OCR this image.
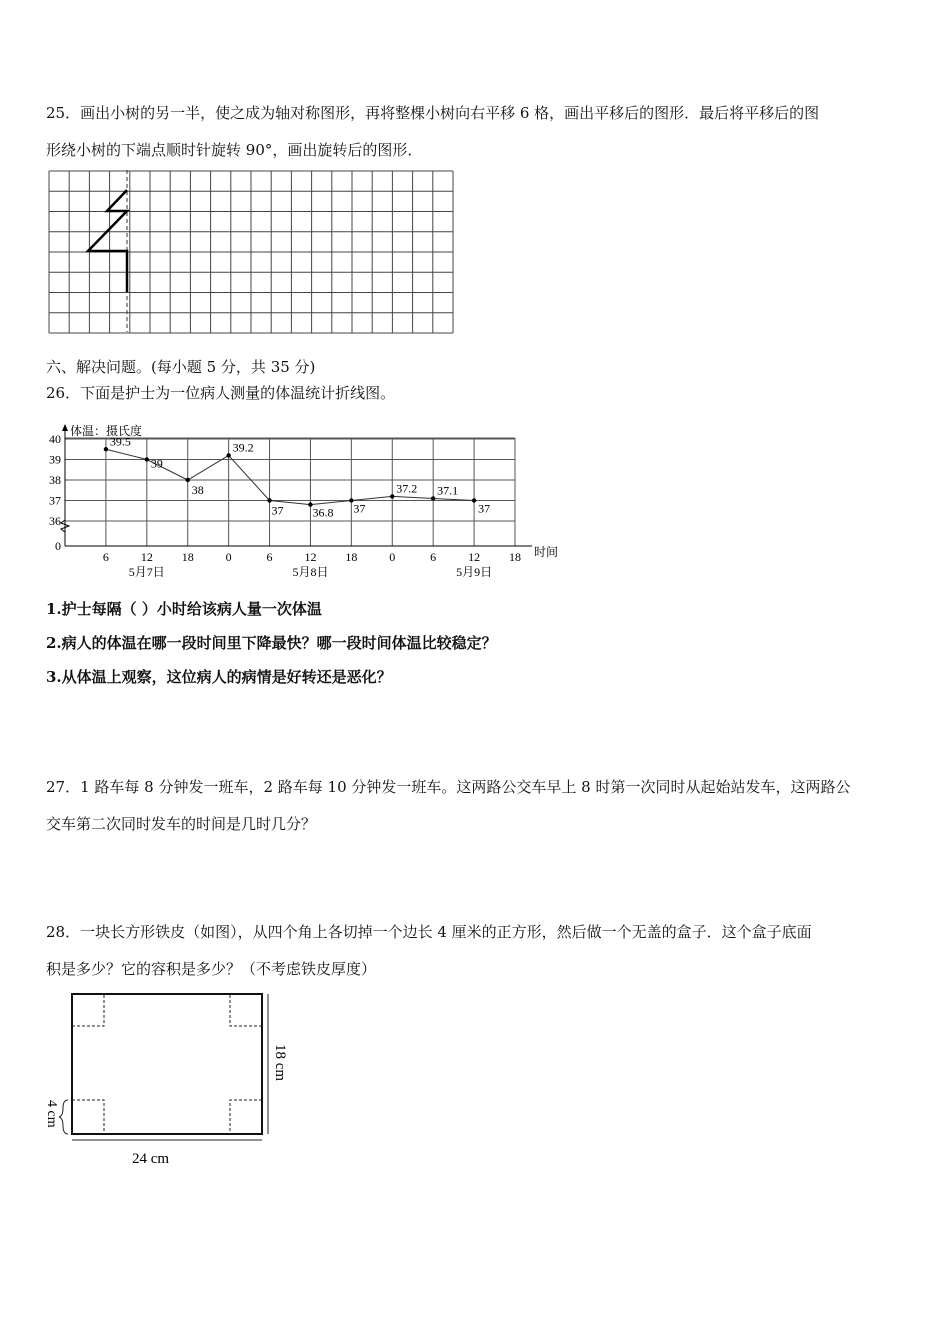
25．画出小树的另一半，使之成为轴对称图形，再将整棵小树向右平移 6 格，画出平移后的图形．最后将平移后的图
形绕小树的下端点顺时针旋转 90°，画出旋转后的图形．
六、解决问题。(每小题 5 分，共 35 分)
26．下面是护士为一位病人测量的体温统计折线图。
体温：摄氏度
40
39
38
37
36
0
6	12 18	0	6	12 18	0	6	12 18
5月7日	5月8日	5月9日
时间
39.5
39
38
39.2
37 36.8 37
37.2 37.1
37
1.护士每隔（ ）小时给该病人量一次体温
2.病人的体温在哪一段时间里下降最快？哪一段时间体温比较稳定？
3.从体温上观察，这位病人的病情是好转还是恶化？
27．1 路车每 8 分钟发一班车，2 路车每 10 分钟发一班车。这两路公交车早上 8 时第一次同时从起始站发车，这两路公
交车第二次同时发车的时间是几时几分？
28．一块长方形铁皮（如图），从四个角上各切掉一个边长 4 厘米的正方形，然后做一个无盖的盒子．这个盒子底面
积是多少？它的容积是多少？（不考虑铁皮厚度）
24 cm
18 cm
4 cm
